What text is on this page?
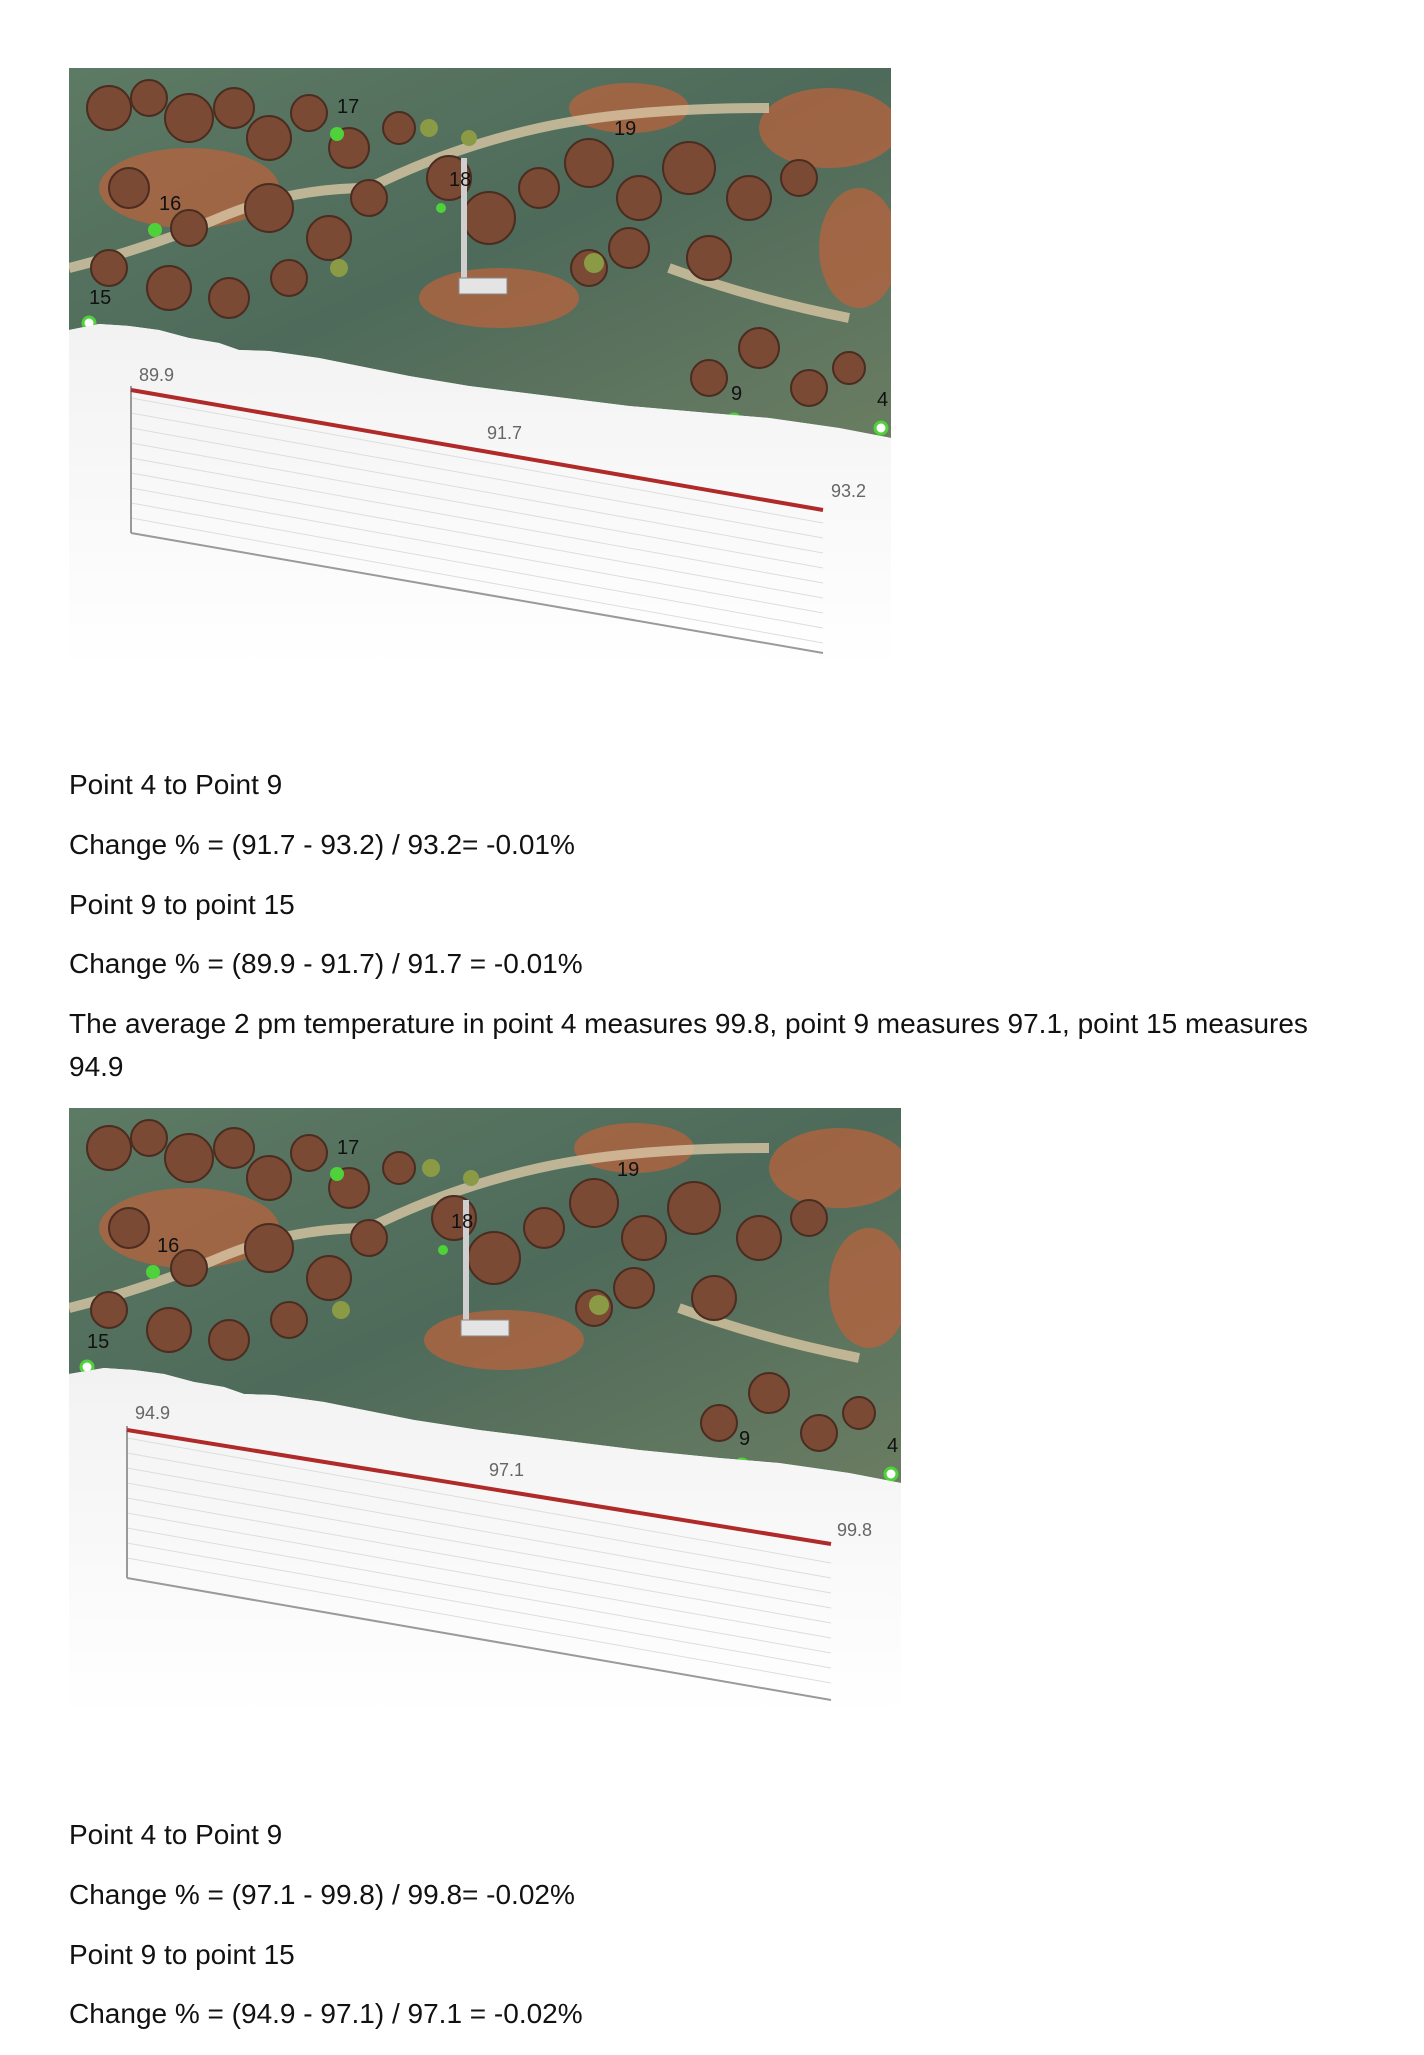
17
19
18
16
15
9	4
89.9
91.7
93.2
Point 4 to Point 9
Change % = (91.7 - 93.2) / 93.2= -0.01%
Point 9 to point 15
Change % = (89.9 - 91.7) / 91.7 = -0.01%
The average 2 pm temperature in point 4 measures 99.8, point 9 measures 97.1, point 15 measures 94.9
17
19
18
16
15
9	4
94.9
97.1
99.8
Point 4 to Point 9
Change % = (97.1 - 99.8) / 99.8= -0.02%
Point 9 to point 15
Change % = (94.9 - 97.1) / 97.1 = -0.02%
